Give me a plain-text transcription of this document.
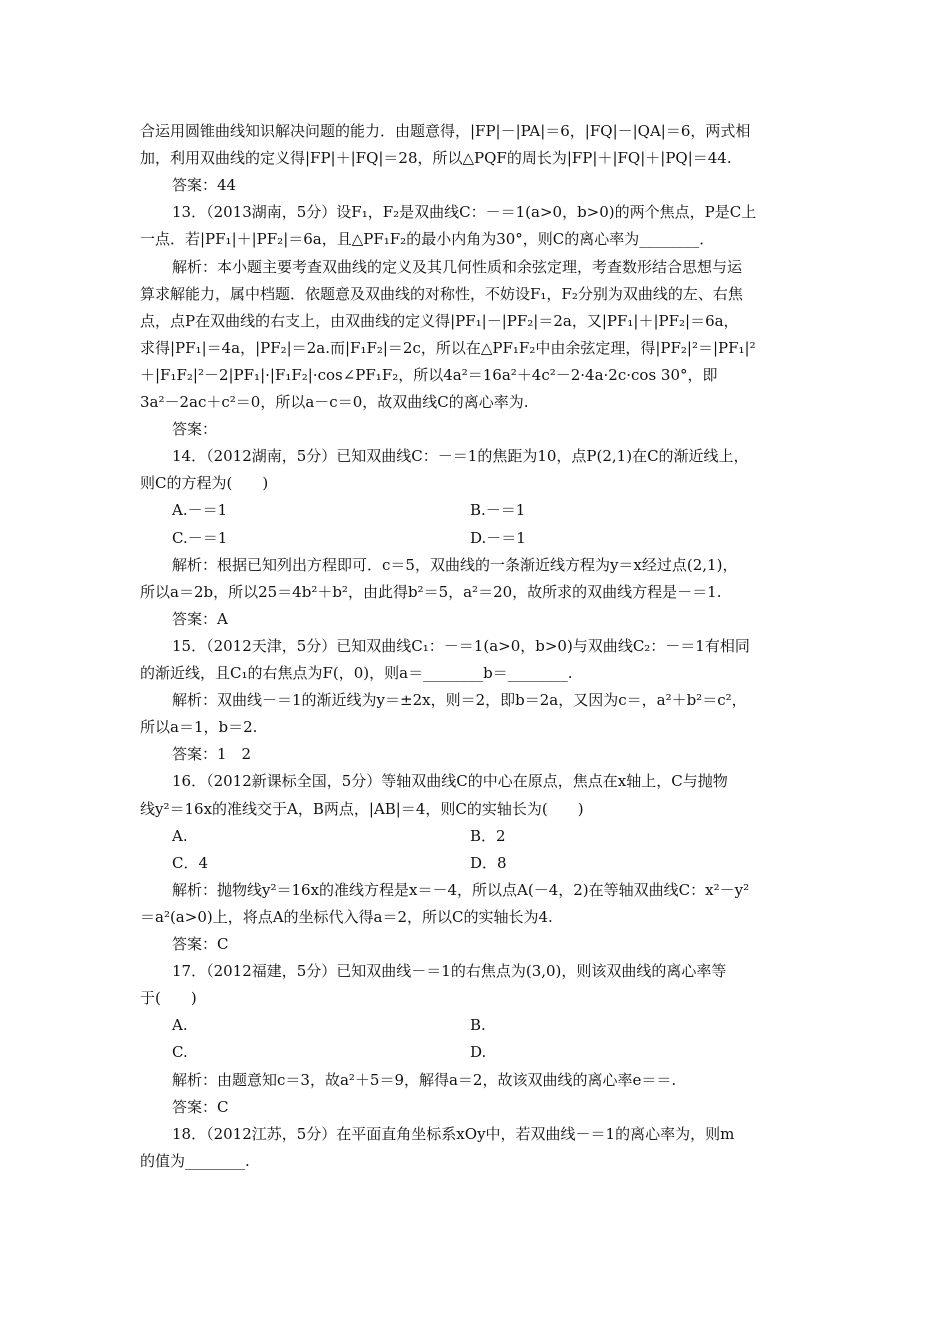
合运用圆锥曲线知识解决问题的能力．由题意得，|FP|－|PA|＝6，|FQ|－|QA|＝6，两式相
加，利用双曲线的定义得|FP|＋|FQ|＝28，所以△PQF的周长为|FP|＋|FQ|＋|PQ|＝44.
答案：44
13．（2013湖南，5分）设F₁，F₂是双曲线C：－＝1(a>0，b>0)的两个焦点，P是C上
一点．若|PF₁|＋|PF₂|＝6a，且△PF₁F₂的最小内角为30°，则C的离心率为________．
解析：本小题主要考查双曲线的定义及其几何性质和余弦定理，考查数形结合思想与运
算求解能力，属中档题．依题意及双曲线的对称性，不妨设F₁，F₂分别为双曲线的左、右焦
点，点P在双曲线的右支上，由双曲线的定义得|PF₁|－|PF₂|＝2a，又|PF₁|＋|PF₂|＝6a，
求得|PF₁|＝4a，|PF₂|＝2a.而|F₁F₂|＝2c，所以在△PF₁F₂中由余弦定理，得|PF₂|²＝|PF₁|²
＋|F₁F₂|²－2|PF₁|·|F₁F₂|·cos∠PF₁F₂，所以4a²＝16a²＋4c²－2·4a·2c·cos 30°，即
3a²－2ac＋c²＝0，所以a－c＝0，故双曲线C的离心率为.
答案：
14．（2012湖南，5分）已知双曲线C：－＝1的焦距为10，点P(2,1)在C的渐近线上，
则C的方程为(　　)
A.－＝1	B.－＝1
C.－＝1	D.－＝1
解析：根据已知列出方程即可．c＝5，双曲线的一条渐近线方程为y＝x经过点(2,1)，
所以a＝2b，所以25＝4b²＋b²，由此得b²＝5，a²＝20，故所求的双曲线方程是－＝1.
答案：A
15．（2012天津，5分）已知双曲线C₁：－＝1(a>0，b>0)与双曲线C₂：－＝1有相同
的渐近线，且C₁的右焦点为F(，0)，则a＝________b＝________.
解析：双曲线－＝1的渐近线为y＝±2x，则＝2，即b＝2a，又因为c＝，a²＋b²＝c²，
所以a＝1，b＝2.
答案：1　2
16．（2012新课标全国，5分）等轴双曲线C的中心在原点，焦点在x轴上，C与抛物
线y²＝16x的准线交于A，B两点，|AB|＝4，则C的实轴长为(　　)
A.	B．2
C．4	D．8
解析：抛物线y²＝16x的准线方程是x＝－4，所以点A(－4，2)在等轴双曲线C：x²－y²
＝a²(a>0)上，将点A的坐标代入得a＝2，所以C的实轴长为4.
答案：C
17．（2012福建，5分）已知双曲线－＝1的右焦点为(3,0)，则该双曲线的离心率等
于(　　)
A.	B.
C.	D.
解析：由题意知c＝3，故a²＋5＝9，解得a＝2，故该双曲线的离心率e＝＝.
答案：C
18．（2012江苏，5分）在平面直角坐标系xOy中，若双曲线－＝1的离心率为，则m
的值为________.
